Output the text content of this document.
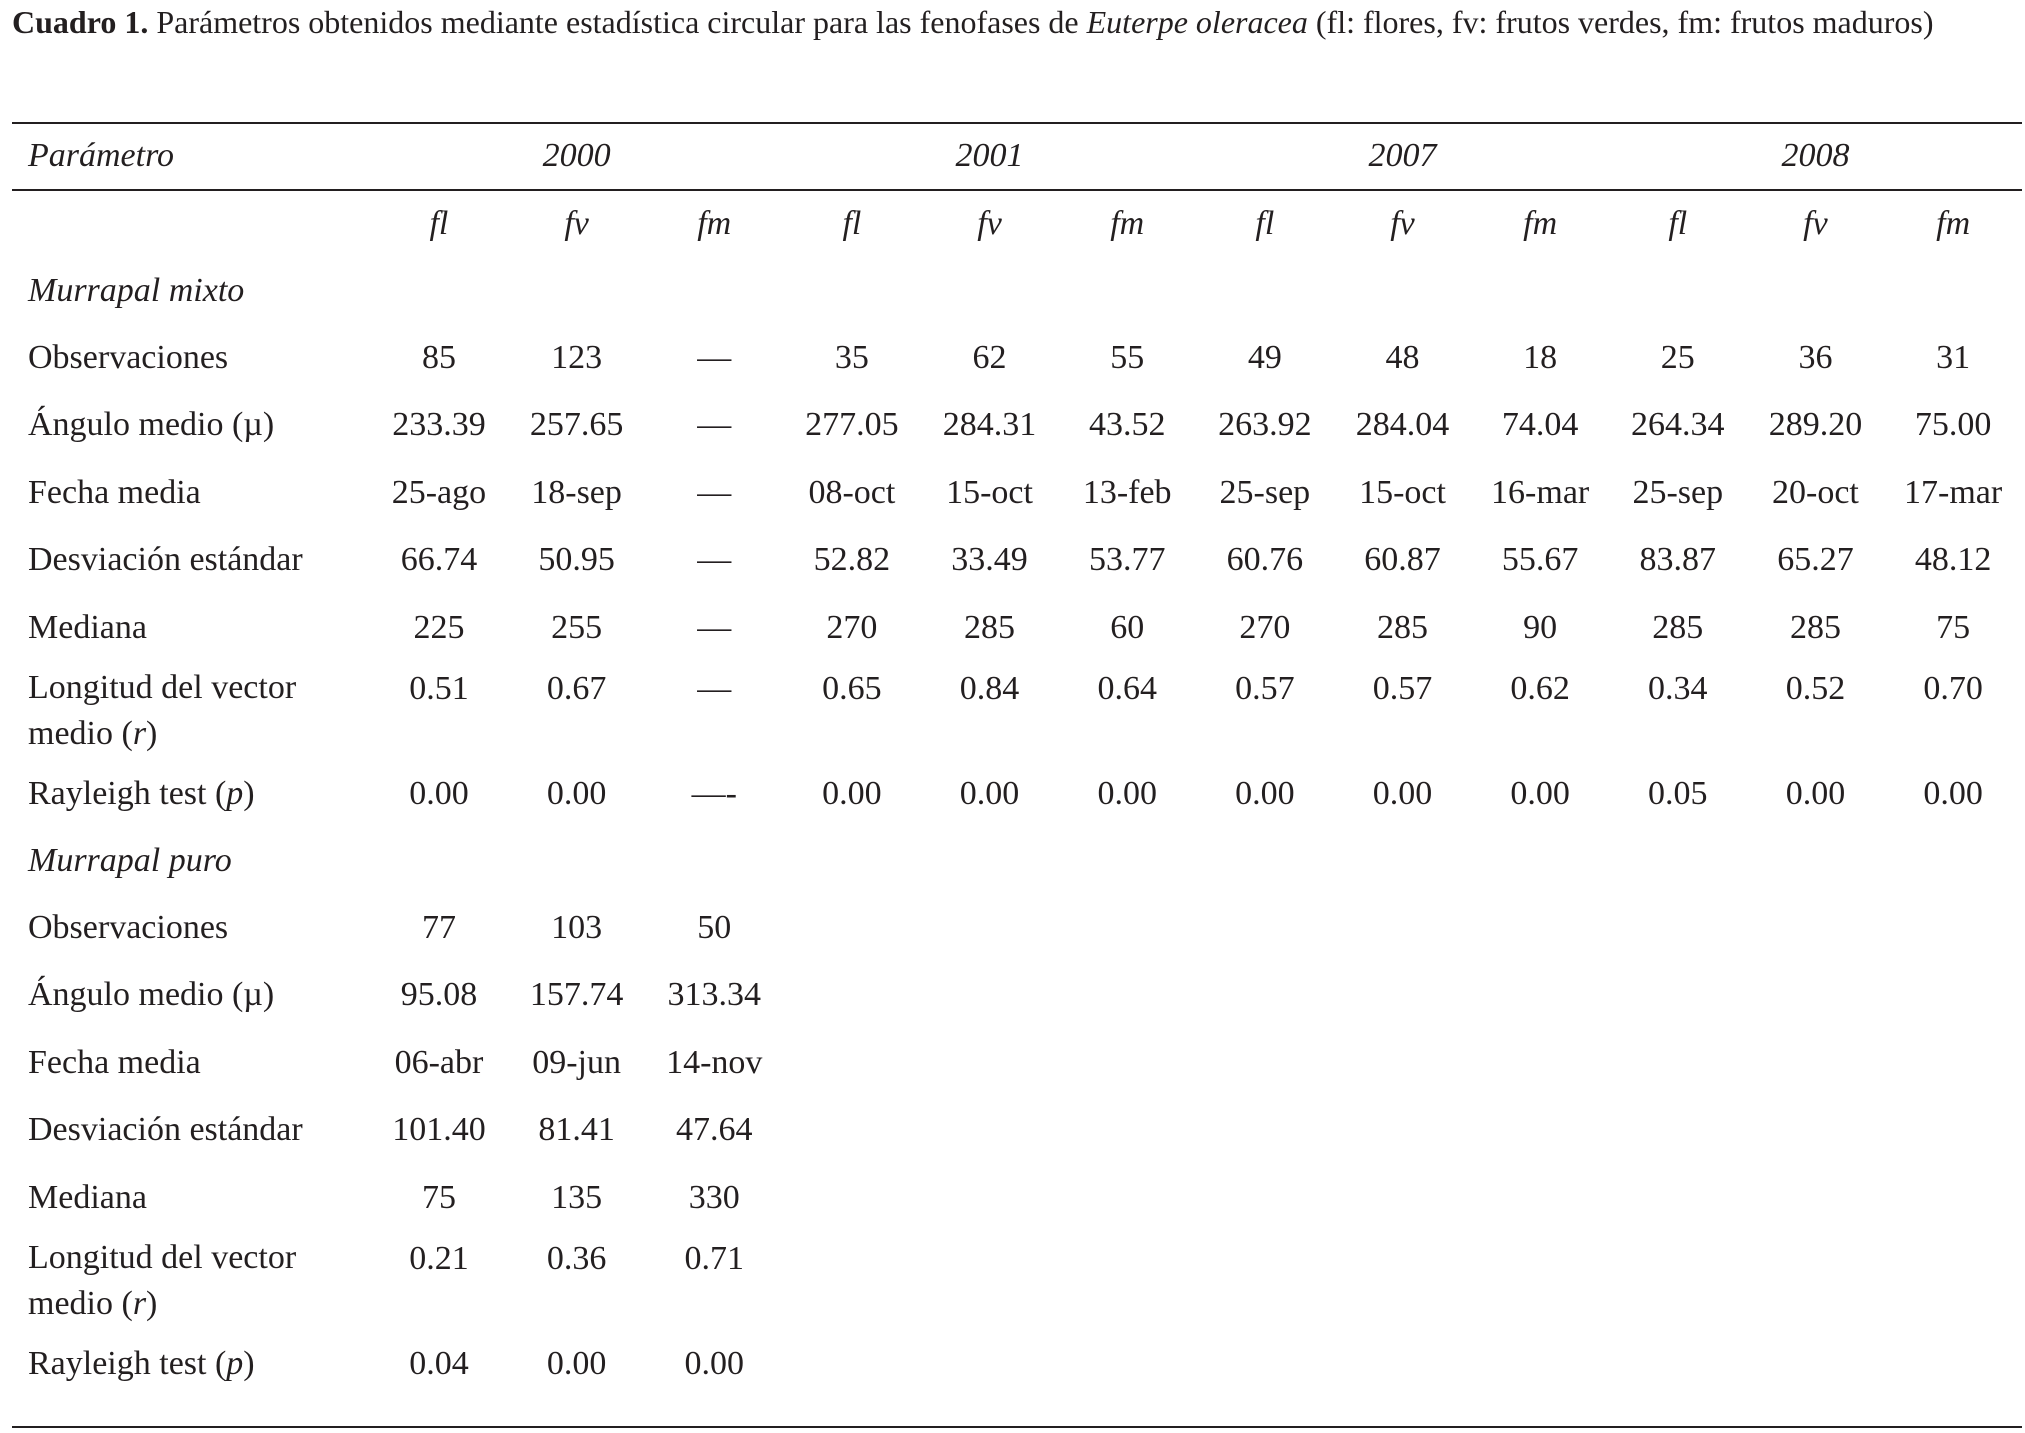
Cuadro 1. Parámetros obtenidos mediante estadística circular para las fenofases de Euterpe oleracea (fl: flores, fv: frutos verdes, fm: frutos maduros)
Parámetro	2000			2001			2007			2008		
	fl	fv	fm	fl	fv	fm	fl	fv	fm	fl	fv	fm
Murrapal mixto												
Observaciones	85	123	—	35	62	55	49	48	18	25	36	31
Ángulo medio (µ)	233.39	257.65	—	277.05	284.31	43.52	263.92	284.04	74.04	264.34	289.20	75.00
Fecha media	25-ago	18-sep	—	08-oct	15-oct	13-feb	25-sep	15-oct	16-mar	25-sep	20-oct	17-mar
Desviación estándar	66.74	50.95	—	52.82	33.49	53.77	60.76	60.87	55.67	83.87	65.27	48.12
Mediana	225	255	—	270	285	60	270	285	90	285	285	75
Longitud del vector
medio (r)	0.51	0.67	—	0.65	0.84	0.64	0.57	0.57	0.62	0.34	0.52	0.70
Rayleigh test (p)	0.00	0.00	—-	0.00	0.00	0.00	0.00	0.00	0.00	0.05	0.00	0.00
Murrapal puro												
Observaciones	77	103	50									
Ángulo medio (µ)	95.08	157.74	313.34									
Fecha media	06-abr	09-jun	14-nov									
Desviación estándar	101.40	81.41	47.64									
Mediana	75	135	330									
Longitud del vector
medio (r)	0.21	0.36	0.71									
Rayleigh test (p)	0.04	0.00	0.00									
